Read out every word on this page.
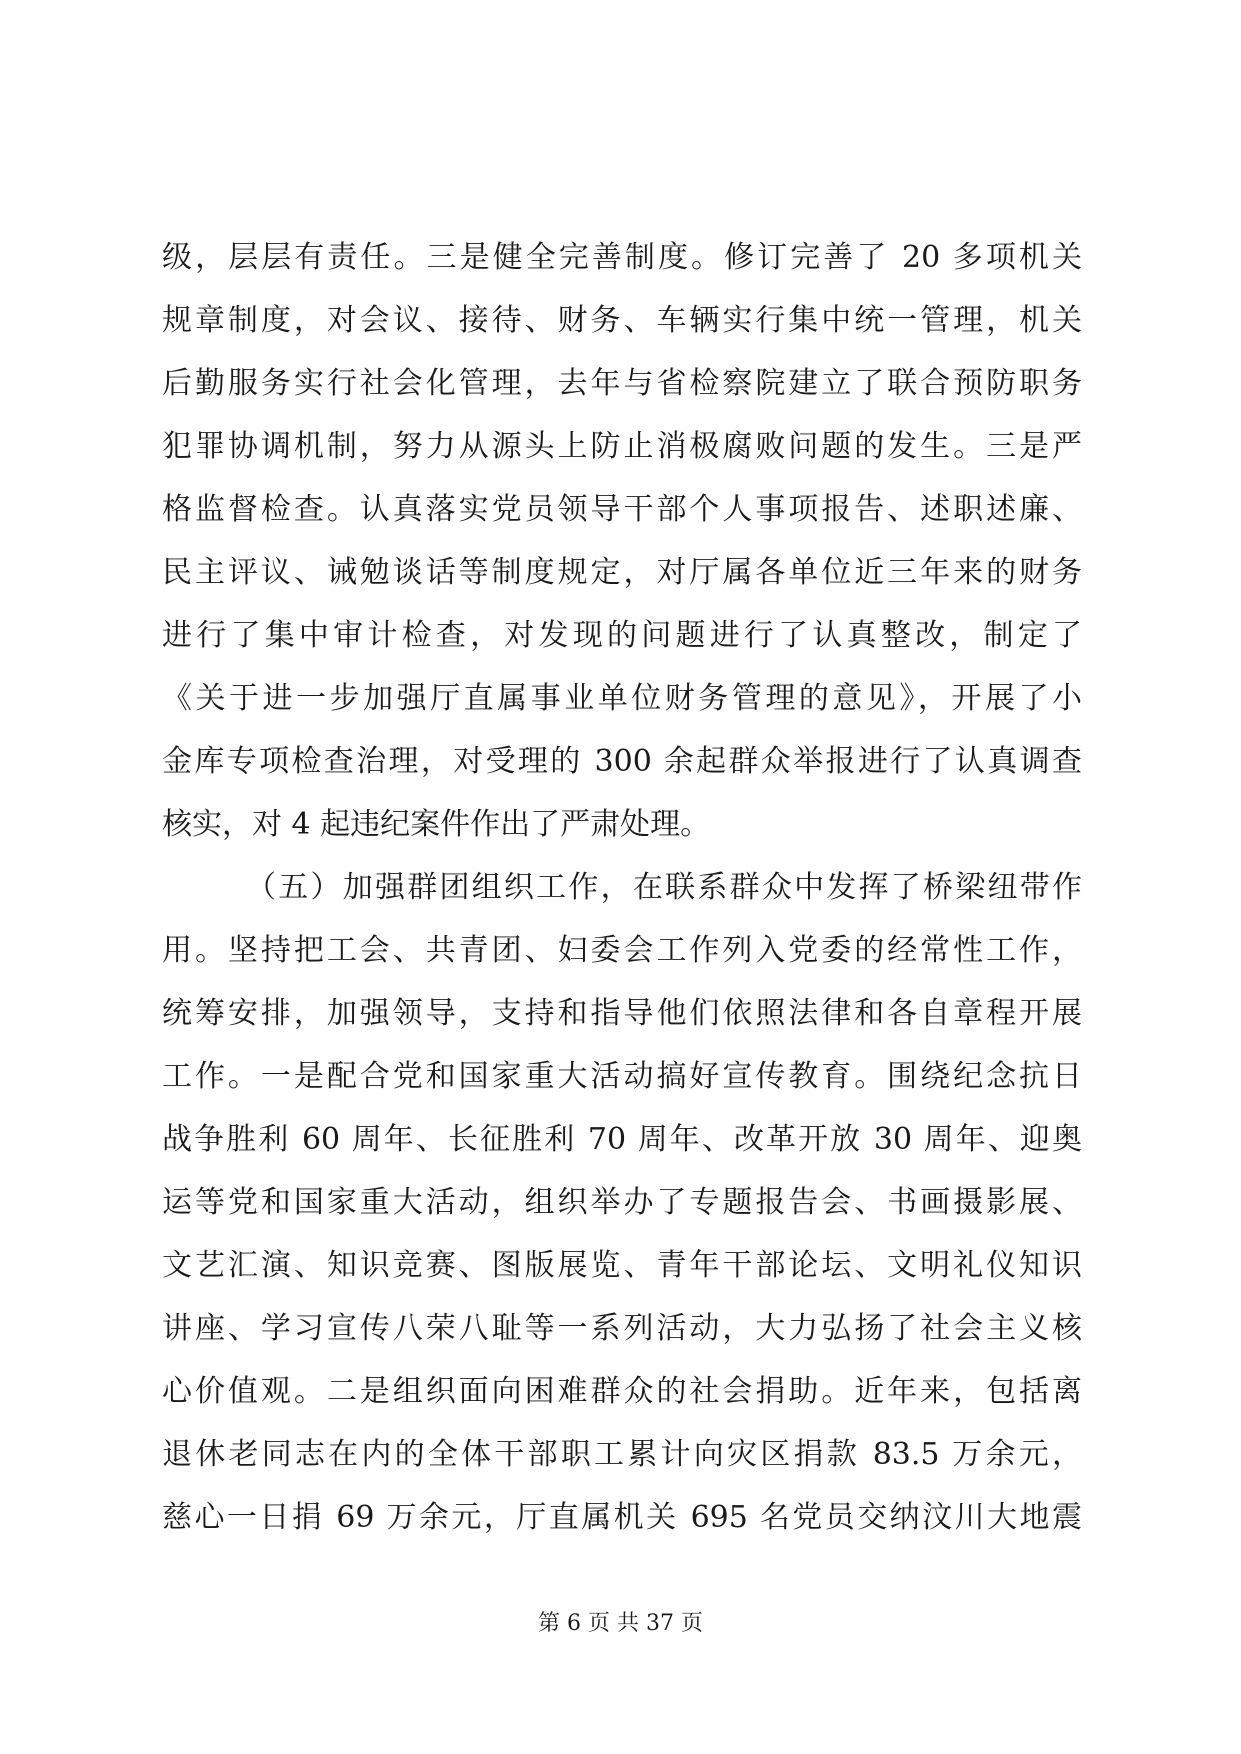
级，层层有责任。三是健全完善制度。修订完善了 20 多项机关
规章制度，对会议、接待、财务、车辆实行集中统一管理，机关
后勤服务实行社会化管理，去年与省检察院建立了联合预防职务
犯罪协调机制，努力从源头上防止消极腐败问题的发生。三是严
格监督检查。认真落实党员领导干部个人事项报告、述职述廉、
民主评议、诫勉谈话等制度规定，对厅属各单位近三年来的财务
进行了集中审计检查，对发现的问题进行了认真整改，制定了
《关于进一步加强厅直属事业单位财务管理的意见》，开展了小
金库专项检查治理，对受理的 300 余起群众举报进行了认真调查
核实，对 4 起违纪案件作出了严肃处理。
（五）加强群团组织工作，在联系群众中发挥了桥梁纽带作
用。坚持把工会、共青团、妇委会工作列入党委的经常性工作，
统筹安排，加强领导，支持和指导他们依照法律和各自章程开展
工作。一是配合党和国家重大活动搞好宣传教育。围绕纪念抗日
战争胜利 60 周年、长征胜利 70 周年、改革开放 30 周年、迎奥
运等党和国家重大活动，组织举办了专题报告会、书画摄影展、
文艺汇演、知识竞赛、图版展览、青年干部论坛、文明礼仪知识
讲座、学习宣传八荣八耻等一系列活动，大力弘扬了社会主义核
心价值观。二是组织面向困难群众的社会捐助。近年来，包括离
退休老同志在内的全体干部职工累计向灾区捐款 83.5 万余元，
慈心一日捐 69 万余元，厅直属机关 695 名党员交纳汶川大地震
第 6 页 共 37 页
